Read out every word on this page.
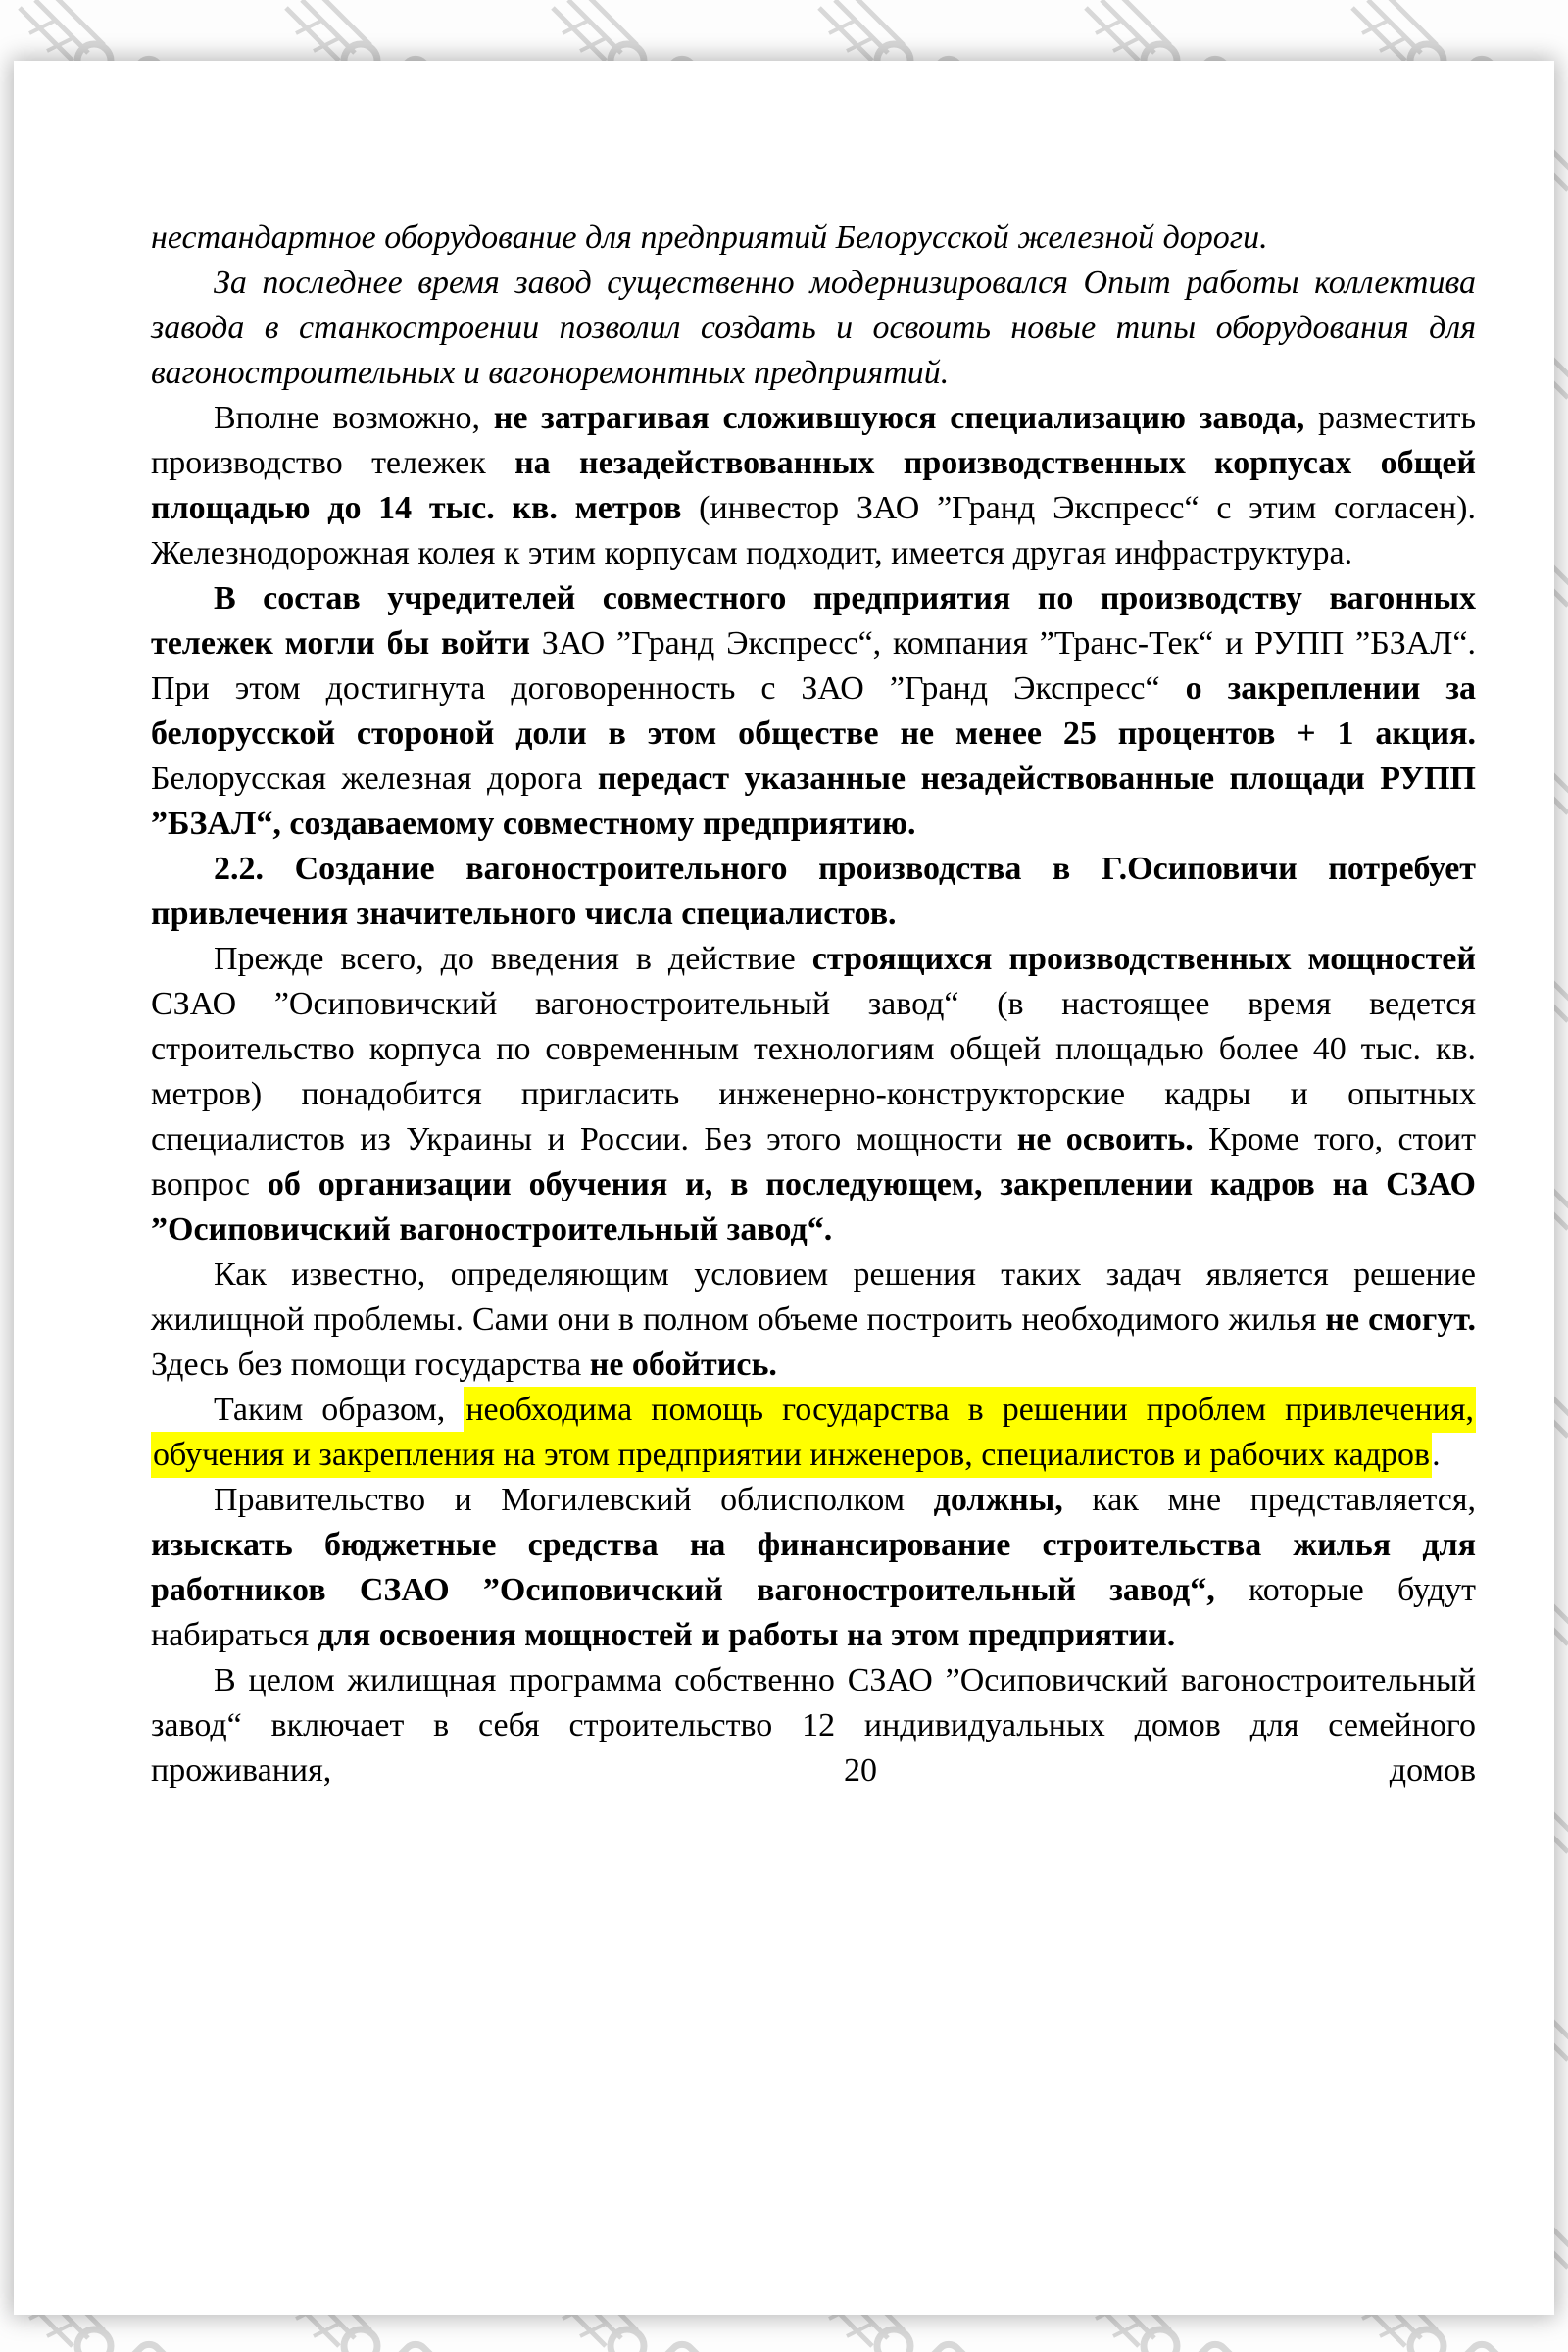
нестандартное оборудование для предприятий Белорусской железной дороги.

За последнее время завод существенно модернизировался Опыт работы коллектива завода в станкостроении позволил создать и освоить новые типы оборудования для вагоностроительных и вагоноремонтных предприятий.

Вполне возможно, не затрагивая сложившуюся специализацию завода, разместить производство тележек на незадействованных производственных корпусах общей площадью до 14 тыс. кв. метров (инвестор ЗАО ”Гранд Экспресс“ с этим согласен). Железнодорожная колея к этим корпусам подходит, имеется другая инфраструктура.

В состав учредителей совместного предприятия по производству вагонных тележек могли бы войти ЗАО ”Гранд Экспресс“, компания ”Транс-Тек“ и РУПП ”БЗАЛ“. При этом достигнута договоренность с ЗАО ”Гранд Экспресс“ о закреплении за белорусской стороной доли в этом обществе не менее 25 процентов + 1 акция. Белорусская железная дорога передаст указанные незадействованные площади РУПП ”БЗАЛ“, создаваемому совместному предприятию.

2.2. Создание вагоностроительного производства в Г.Осиповичи потребует привлечения значительного числа специалистов.

Прежде всего, до введения в действие строящихся производственных мощностей СЗАО ”Осиповичский вагоностроительный завод“ (в настоящее время ведется строительство корпуса по современным технологиям общей площадью более 40 тыс. кв. метров) понадобится пригласить инженерно-конструкторские кадры и опытных специалистов из Украины и России. Без этого мощности не освоить. Кроме того, стоит вопрос об организации обучения и, в последующем, закреплении кадров на СЗАО ”Осиповичский вагоностроительный завод“.

Как известно, определяющим условием решения таких задач является решение жилищной проблемы. Сами они в полном объеме построить необходимого жилья не смогут. Здесь без помощи государства не обойтись.

Таким образом, необходима помощь государства в решении проблем привлечения, обучения и закрепления на этом предприятии инженеров, специалистов и рабочих кадров.

Правительство и Могилевский облисполком должны, как мне представляется, изыскать бюджетные средства на финансирование строительства жилья для работников СЗАО ”Осиповичский вагоностроительный завод“, которые будут набираться для освоения мощностей и работы на этом предприятии.

В целом жилищная программа собственно СЗАО ”Осиповичский вагоностроительный завод“ включает в себя строительство 12 индивидуальных домов для семейного проживания, 20 домов
